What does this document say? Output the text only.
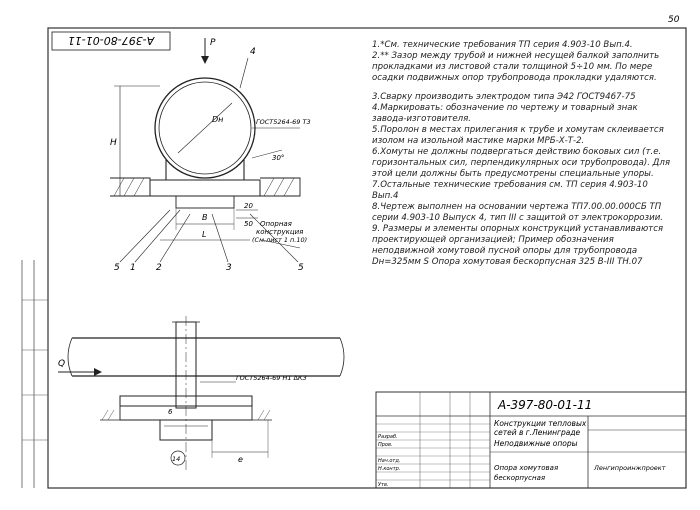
A-397-80-01-11
50
P
Dн
H
4
ГОСТ5264-69 Т3
30°
20
50
B
L
Опорная
конструкция
(См.лист 1 п.10)
5 1 2	3	5
Q
ГОСТ5264-69 Н1 ∆КЗ
e
14
6	А-397-80-01-11
Конструкции тепловых
сетей в г.Ленинграде
Неподвижные опоры
Опора хомутовая
бескорпусная
Ленгипроинжпроект
Разраб.
Пров.
Нач.отд.
Н.контр.
Утв.

1.*См. технические требования ТП серия 4.903-10 Вып.4.

2.** Зазор между трубой и нижней несущей балкой заполнить прокладками из листовой стали толщиной 5÷10 мм. По мере осадки подвижных опор трубопровода прокладки удаляются.

3.Сварку производить электродом типа Э42 ГОСТ9467-75

4.Маркировать: обозначение по чертежу и товарный знак завода-изготовителя.

5.Поролон в местах прилегания к трубе и хомутам склеивается изолом на изольной мастике марки МРБ-Х-Т-2.

6.Хомуты не должны подвергаться действию боковых сил (т.е. горизонтальных сил, перпендикулярных оси трубопровода). Для этой цели должны быть предусмотрены специальные упоры.

7.Остальные технические требования см. ТП серия 4.903-10 Вып.4

8.Чертеж выполнен на основании чертежа ТП7.00.00.000СБ ТП серии 4.903-10 Выпуск 4, тип III с защитой от электрокоррозии.

9. Размеры и элементы опорных конструкций устанавливаются проектирующей организацией; Пример обозначения неподвижной хомутовой пусной опоры для трубопровода Dн=325мм S Опора хомутовая бескорпусная 325 В-III ТН.07
